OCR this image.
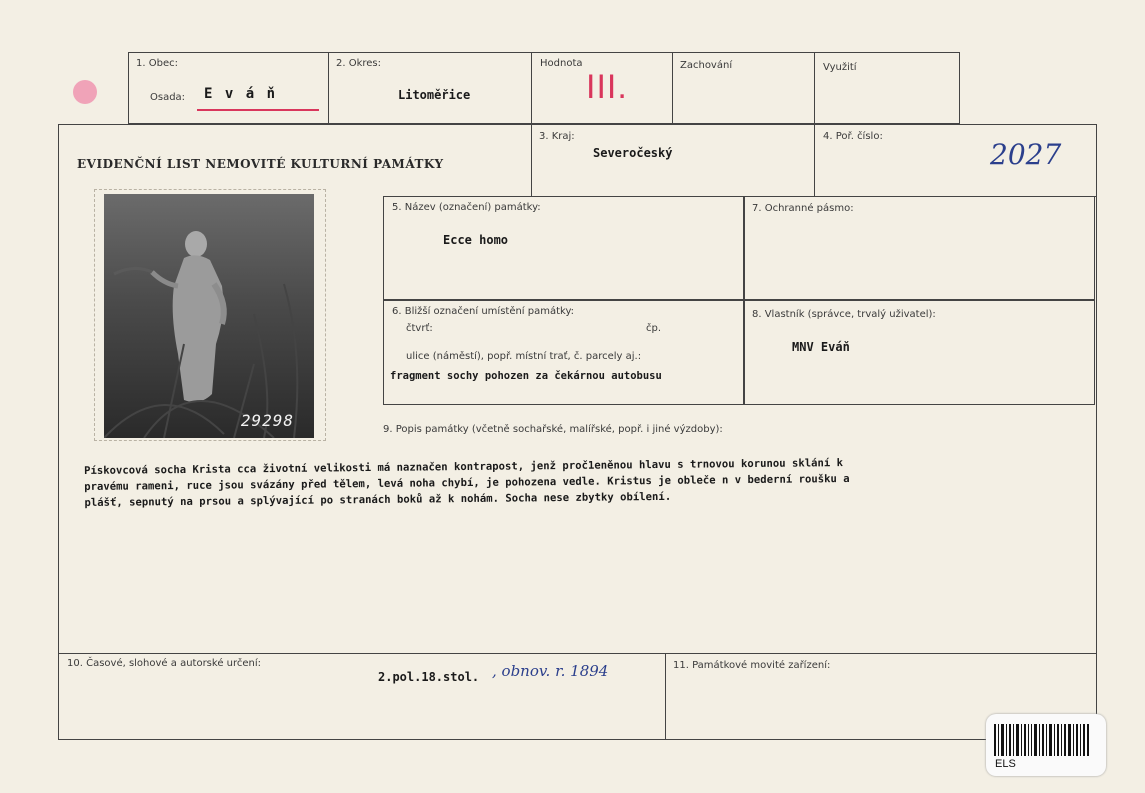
1. Obec:
Osada: E v á ň
2. Okres:
Litoměřice
Hodnota
III.
Zachování	Využití
EVIDENČNÍ LIST NEMOVITÉ KULTURNÍ PAMÁTKY
3. Kraj:
Severočeský
4. Poř. číslo:
2027
29298
5. Název (označení) památky:
Ecce homo
7. Ochranné pásmo:
6. Bližší označení umístění památky:
čtvrť:	čp.
ulice (náměstí), popř. místní trať, č. parcely aj.:
fragment sochy pohozen za čekárnou autobusu
8. Vlastník (správce, trvalý uživatel):
MNV Eváň
9. Popis památky (včetně sochařské, malířské, popř. i jiné výzdoby):
Pískovcová socha Krista cca životní velikosti má naznačen kontrapost, jenž proč1eněnou hlavu s trnovou korunou sklání k
pravému rameni, ruce jsou svázány před tělem, levá noha chybí, je pohozena vedle. Kristus je obleče n v bederní roušku a
plášť, sepnutý na prsou a splývající po stranách boků až k nohám. Socha nese zbytky obílení.
10. Časové, slohové a autorské určení:
2.pol.18.stol. , obnov. r. 1894	11. Památkové movité zařízení:
ELS
